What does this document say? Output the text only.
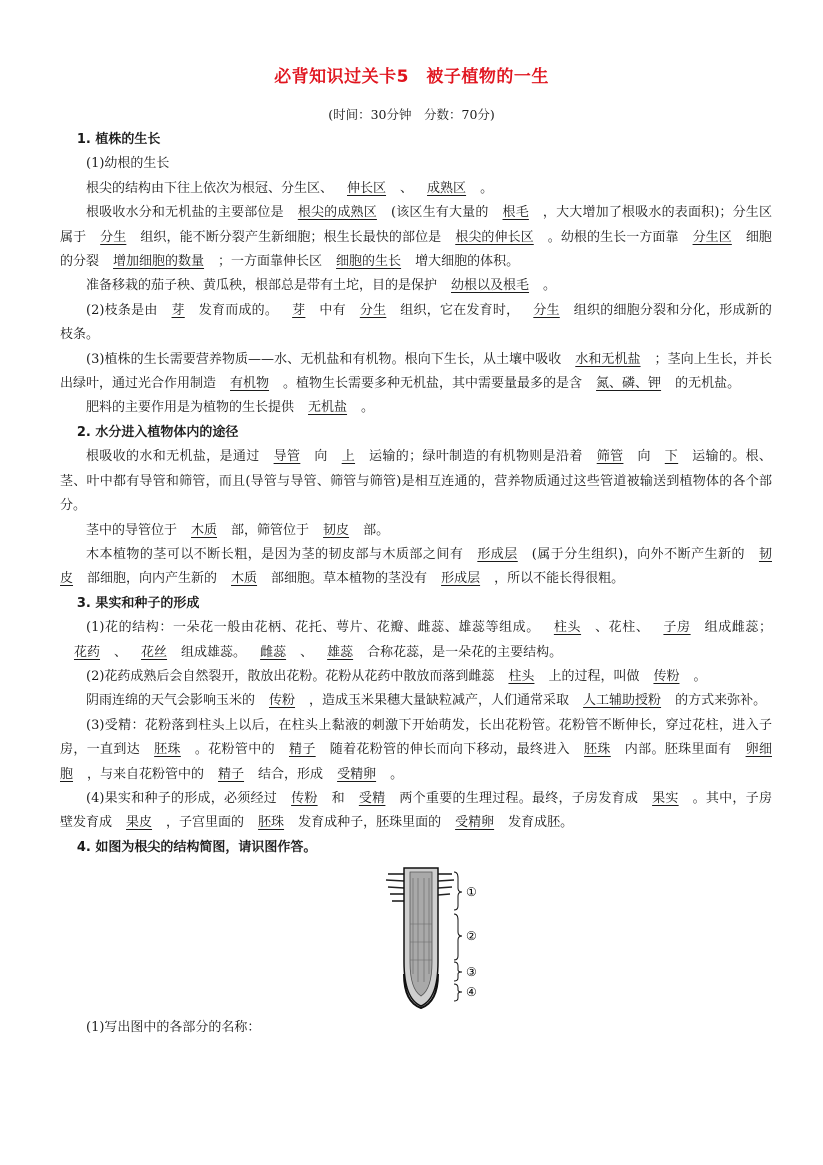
必背知识过关卡5　被子植物的一生
(时间：30分钟　分数：70分)

1. 植株的生长

(1)幼根的生长

根尖的结构由下往上依次为根冠、分生区、 伸长区 、 成熟区 。

根吸收水分和无机盐的主要部位是 根尖的成熟区 (该区生有大量的 根毛 ，大大增加了根吸水的表面积)；分生区属于 分生 组织，能不断分裂产生新细胞；根生长最快的部位是 根尖的伸长区 。幼根的生长一方面靠 分生区 细胞的分裂 增加细胞的数量 ；一方面靠伸长区 细胞的生长 增大细胞的体积。

准备移栽的茄子秧、黄瓜秧，根部总是带有土坨，目的是保护 幼根以及根毛 。

(2)枝条是由 芽 发育而成的。 芽 中有 分生 组织，它在发育时， 分生 组织的细胞分裂和分化，形成新的枝条。

(3)植株的生长需要营养物质——水、无机盐和有机物。根向下生长，从土壤中吸收 水和无机盐 ；茎向上生长，并长出绿叶，通过光合作用制造 有机物 。植物生长需要多种无机盐，其中需要量最多的是含 氮、磷、钾 的无机盐。

肥料的主要作用是为植物的生长提供 无机盐 。

2. 水分进入植物体内的途径

根吸收的水和无机盐，是通过 导管 向 上 运输的；绿叶制造的有机物则是沿着 筛管 向 下 运输的。根、茎、叶中都有导管和筛管，而且(导管与导管、筛管与筛管)是相互连通的，营养物质通过这些管道被输送到植物体的各个部分。

茎中的导管位于 木质 部，筛管位于 韧皮 部。

木本植物的茎可以不断长粗，是因为茎的韧皮部与木质部之间有 形成层 (属于分生组织)，向外不断产生新的 韧皮 部细胞，向内产生新的 木质 部细胞。草本植物的茎没有 形成层 ，所以不能长得很粗。

3. 果实和种子的形成

(1)花的结构：一朵花一般由花柄、花托、萼片、花瓣、雌蕊、雄蕊等组成。 柱头 、花柱、 子房 组成雌蕊；花药 、 花丝 组成雄蕊。 雌蕊 、 雄蕊 合称花蕊，是一朵花的主要结构。

(2)花药成熟后会自然裂开，散放出花粉。花粉从花药中散放而落到雌蕊 柱头 上的过程，叫做 传粉 。

阴雨连绵的天气会影响玉米的 传粉 ，造成玉米果穗大量缺粒减产，人们通常采取 人工辅助授粉 的方式来弥补。

(3)受精：花粉落到柱头上以后，在柱头上黏液的刺激下开始萌发，长出花粉管。花粉管不断伸长，穿过花柱，进入子房，一直到达 胚珠 。花粉管中的 精子 随着花粉管的伸长而向下移动，最终进入 胚珠 内部。胚珠里面有 卵细胞 ，与来自花粉管中的 精子 结合，形成 受精卵 。

(4)果实和种子的形成，必须经过 传粉 和 受精 两个重要的生理过程。最终，子房发育成 果实 。其中，子房壁发育成 果皮 ，子宫里面的 胚珠 发育成种子，胚珠里面的 受精卵 发育成胚。

4. 如图为根尖的结构简图，请识图作答。

①
②
③
④

(1)写出图中的各部分的名称：
